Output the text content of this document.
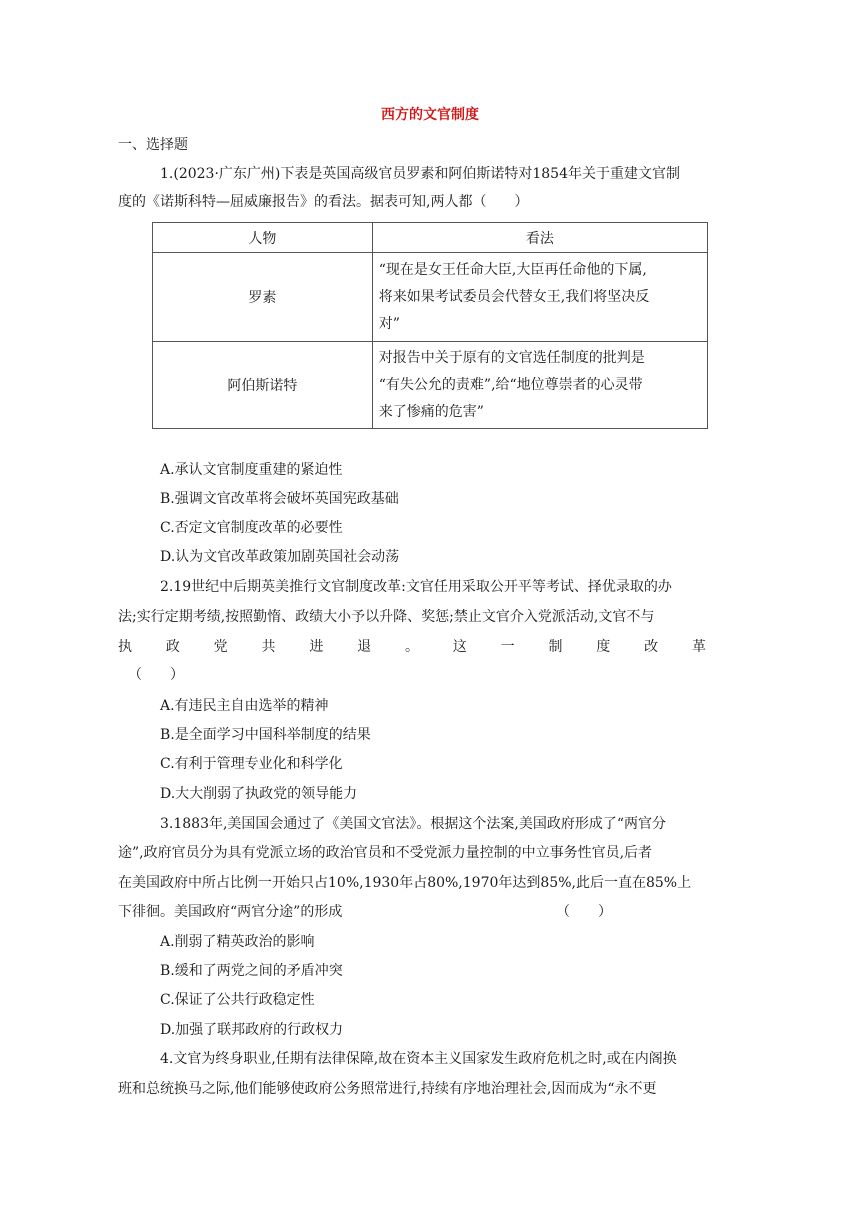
西方的文官制度
一、选择题
1.(2023·广东广州)下表是英国高级官员罗素和阿伯斯诺特对1854年关于重建文官制
度的《诺斯科特—屈威廉报告》的看法。据表可知,两人都（　　）
人物	看法
罗素	“现在是女王任命大臣,大臣再任命他的下属,
将来如果考试委员会代替女王,我们将坚决反
对”

阿伯斯诺特	对报告中关于原有的文官选任制度的批判是
“有失公允的责难”,给“地位尊崇者的心灵带
来了惨痛的危害”
A.承认文官制度重建的紧迫性
B.强调文官改革将会破坏英国宪政基础
C.否定文官制度改革的必要性
D.认为文官改革政策加剧英国社会动荡
2.19世纪中后期英美推行文官制度改革:文官任用采取公开平等考试、择优录取的办
法;实行定期考绩,按照勤惰、政绩大小予以升降、奖惩;禁止文官介入党派活动,文官不与
执 政 党 共 进 退 。 这 一 制 度 改 革
（　　）
A.有违民主自由选举的精神
B.是全面学习中国科举制度的结果
C.有利于管理专业化和科学化
D.大大削弱了执政党的领导能力
3.1883年,美国国会通过了《美国文官法》。根据这个法案,美国政府形成了“两官分
途”,政府官员分为具有党派立场的政治官员和不受党派力量控制的中立事务性官员,后者
在美国政府中所占比例一开始只占10%,1930年占80%,1970年达到85%,此后一直在85%上
下徘徊。美国政府“两官分途”的形成	（　　）
A.削弱了精英政治的影响
B.缓和了两党之间的矛盾冲突
C.保证了公共行政稳定性
D.加强了联邦政府的行政权力
4.文官为终身职业,任期有法律保障,故在资本主义国家发生政府危机之时,或在内阁换
班和总统换马之际,他们能够使政府公务照常进行,持续有序地治理社会,因而成为“永不更
